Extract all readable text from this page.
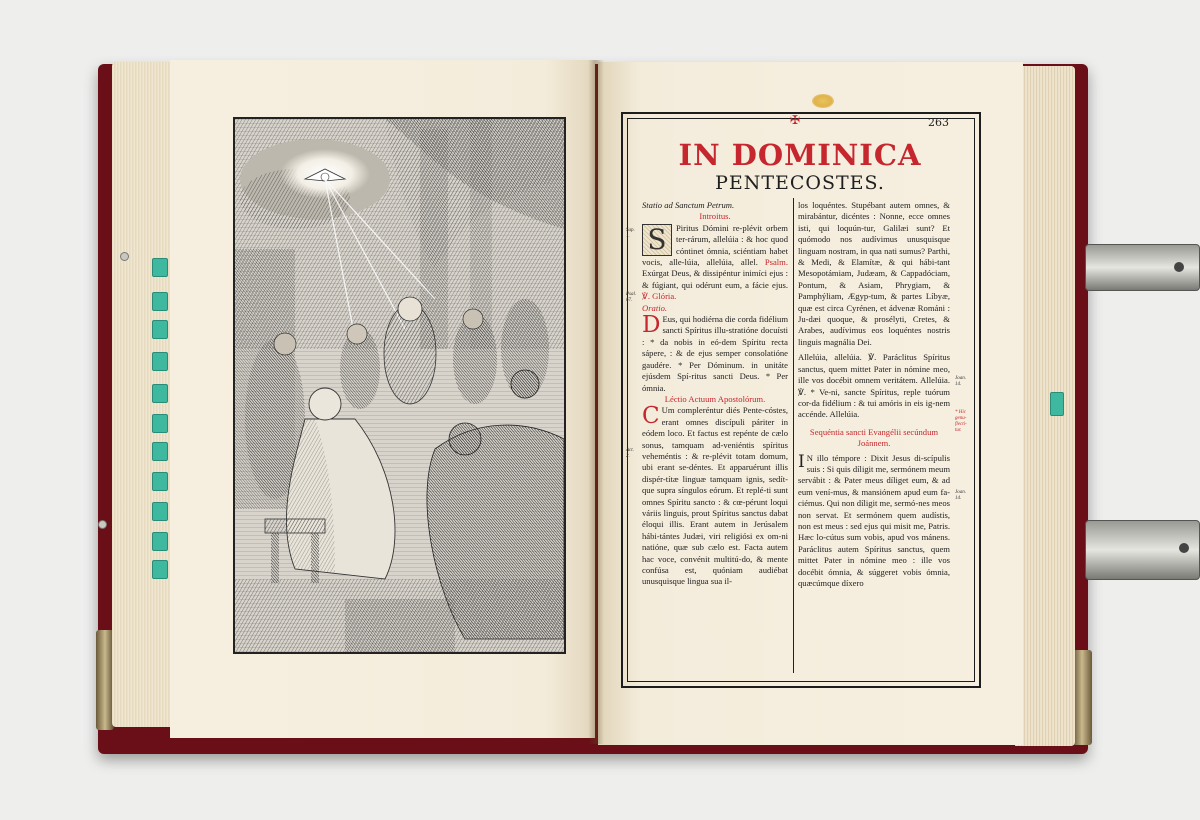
✠	263
IN DOMINICA
PENTECOSTES.

Statio ad Sanctum Petrum.

Introitus.

S	Piritus Dómini re-plévit orbem ter-rárum, allelúia : & hoc quod cóntinet ómnia, sciéntiam habet vocis, alle-lúia, allelúia, allel. Psalm. Exúrgat Deus, & dissipéntur inimíci ejus : & fúgiant, qui odérunt eum, a fácie ejus. ℣. Glória.

Oratio.

D Eus, qui hodiérna die corda fidélium sancti Spíritus illu-stratióne docuísti : * da nobis in eó-dem Spíritu recta sápere, : & de ejus semper consolatióne gaudére. * Per Dóminum. in unitáte ejúsdem Spí-ritus sancti Deus. * Per ómnia.

Léctio Actuum Apostolórum.

C Um compleréntur diés Pente-cóstes, erant omnes discípuli páriter in eódem loco. Et factus est repénte de cælo sonus, tamquam ad-veniéntis spíritus veheméntis : & re-plévit totam domum, ubi erant se-déntes. Et apparuérunt illis dispér-títæ linguæ tamquam ignis, sedít-que supra síngulos eórum. Et replé-ti sunt omnes Spíritu sancto : & cœ-pérunt loqui váriis linguis, prout Spíritus sanctus dabat éloqui illis. Erant autem in Jerúsalem hábi-tántes Judæi, viri religiósi ex om-ni natióne, quæ sub cælo est. Facta autem hac voce, convénit multitú-do, & mente confúsa est, quóniam audiébat unusquisque lingua sua il-

los loquéntes. Stupébant autem omnes, & mirabántur, dicéntes : Nonne, ecce omnes isti, qui loquún-tur, Galilæi sunt? Et quómodo nos audívimus unusquisque linguam nostram, in qua nati sumus? Parthi, & Medi, & Elamítæ, & qui hábi-tant Mesopotámiam, Judæam, & Cappadóciam, Pontum, & Asiam, Phrygiam, & Pamphýliam, Ægyp-tum, & partes Líbyæ, quæ est circa Cyrénen, et ádvenæ Románi : Ju-dæi quoque, & prosélyti, Cretes, & Arabes, audívimus eos loquéntes nostris linguis magnália Dei.

Allelúia, allelúia. ℣. Paráclitus Spíritus sanctus, quem mittet Pater in nómine meo, ille vos docébit omnem veritátem. Allelúia. ℣. * Ve-ni, sancte Spíritus, reple tuórum cor-da fidélium : & tui amóris in eis ig-nem accénde. Allelúia.

Sequéntia sancti Evangélii secúndum Joánnem.

I N illo témpore : Dixit Jesus di-scípulis suis : Si quis díligit me, sermónem meum servábit : & Pater meus díliget eum, & ad eum vení-mus, & mansiónem apud eum fa-ciémus. Qui non díligit me, sermó-nes meos non servat. Et sermónem quem audístis, non est meus : sed ejus qui misit me, Patris. Hæc lo-cútus sum vobis, apud vos mánens. Paráclitus autem Spíritus sanctus, quem mittet Pater in nómine meo : ille vos docébit ómnia, & súggeret vobis ómnia, quæcúmque díxero

Sap. 1.
Psal. 67.
Act. 2.
Joan. 14.
* Hic genu-flecti-tur.
Joan. 14.
